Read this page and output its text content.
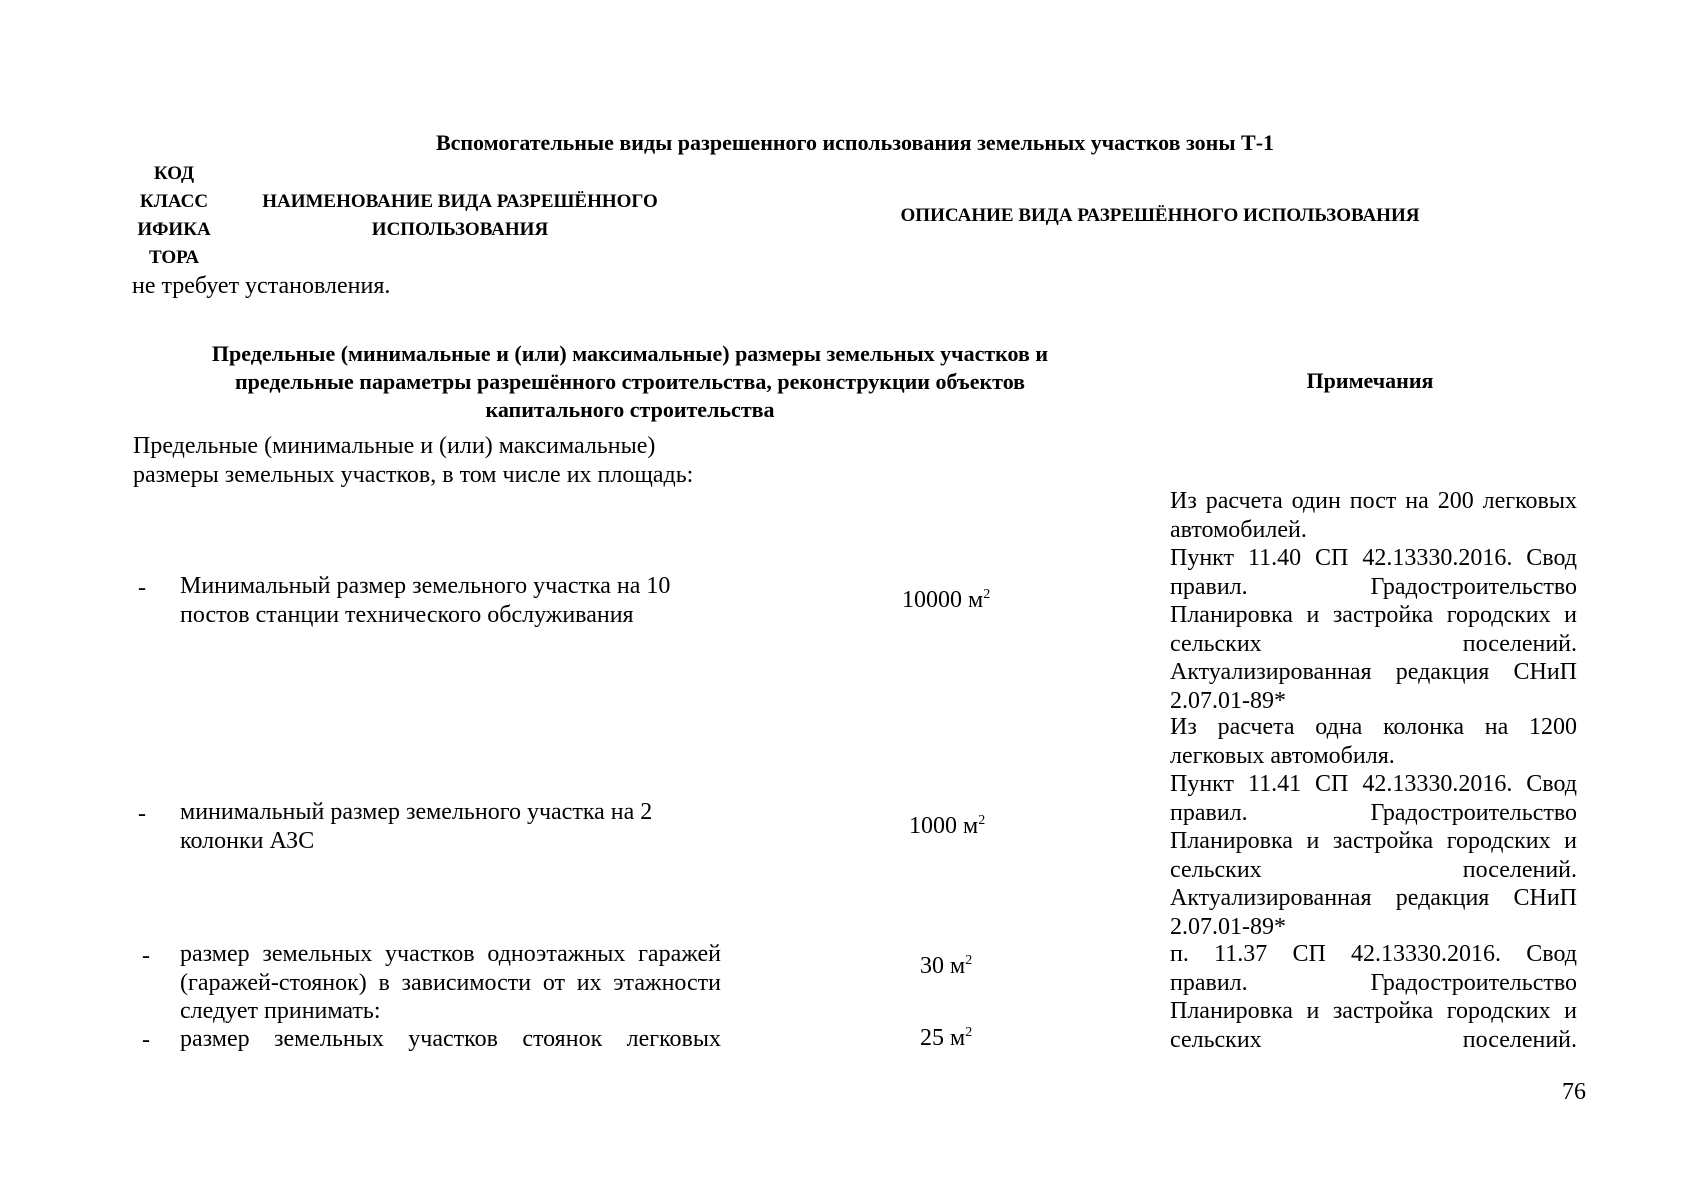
Вспомогательные виды разрешенного использования земельных участков зоны Т-1
КОД
КЛАСС
ИФИКА
ТОРА
НАИМЕНОВАНИЕ ВИДА РАЗРЕШЁННОГО
ИСПОЛЬЗОВАНИЯ
ОПИСАНИЕ ВИДА РАЗРЕШЁННОГО ИСПОЛЬЗОВАНИЯ
не требует установления.
Предельные (минимальные и (или) максимальные) размеры земельных участков и
предельные параметры разрешённого строительства, реконструкции объектов
капитального строительства
Примечания
Предельные (минимальные и (или) максимальные)
размеры земельных участков, в том числе их площадь:
- Минимальный размер земельного участка на 10
постов станции технического обслуживания
10000 $м^2$
Из расчета один пост на 200 легковых
автомобилей.
Пункт 11.40 СП 42.13330.2016. Свод
правил. Градостроительство
Планировка и застройка городских и
сельских поселений.
Актуализированная редакция СНиП
2.07.01-89*
- минимальный размер земельного участка на 2
колонки АЗС
1000 $м^2$
Из расчета одна колонка на 1200
легковых автомобиля.
Пункт 11.41 СП 42.13330.2016. Свод
правил. Градостроительство
Планировка и застройка городских и
сельских поселений.
Актуализированная редакция СНиП
2.07.01-89*
- размер земельных участков одноэтажных гаражей
(гаражей-стоянок) в зависимости от их этажности
следует принимать:
30 $м^2$	п. 11.37 СП 42.13330.2016. Свод
правил. Градостроительство
Планировка и застройка городских и
сельских поселений.
- размер земельных участков стоянок легковых	25 $м^2$
76
